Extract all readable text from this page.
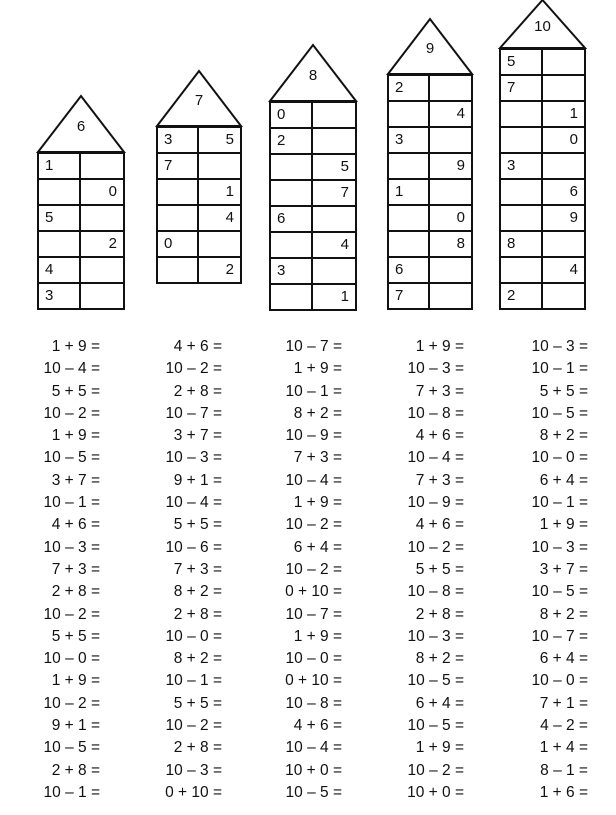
6
1
0
5
2
4
3
7
3	5
7
1
4
0
2
8
0
2
5
7
6
4
3
1
9
2
4
3
9
1
0
8
6
7
10
5
7
1
0
3
6
9
8
4
2
1 + 9 =
10 – 4 =
5 + 5 =
10 – 2 =
1 + 9 =
10 – 5 =
3 + 7 =
10 – 1 =
4 + 6 =
10 – 3 =
7 + 3 =
2 + 8 =
10 – 2 =
5 + 5 =
10 – 0 =
1 + 9 =
10 – 2 =
9 + 1 =
10 – 5 =
2 + 8 =
10 – 1 =
4 + 6 =
10 – 2 =
2 + 8 =
10 – 7 =
3 + 7 =
10 – 3 =
9 + 1 =
10 – 4 =
5 + 5 =
10 – 6 =
7 + 3 =
8 + 2 =
2 + 8 =
10 – 0 =
8 + 2 =
10 – 1 =
5 + 5 =
10 – 2 =
2 + 8 =
10 – 3 =
0 + 10 =
10 – 7 =
1 + 9 =
10 – 1 =
8 + 2 =
10 – 9 =
7 + 3 =
10 – 4 =
1 + 9 =
10 – 2 =
6 + 4 =
10 – 2 =
0 + 10 =
10 – 7 =
1 + 9 =
10 – 0 =
0 + 10 =
10 – 8 =
4 + 6 =
10 – 4 =
10 + 0 =
10 – 5 =
1 + 9 =
10 – 3 =
7 + 3 =
10 – 8 =
4 + 6 =
10 – 4 =
7 + 3 =
10 – 9 =
4 + 6 =
10 – 2 =
5 + 5 =
10 – 8 =
2 + 8 =
10 – 3 =
8 + 2 =
10 – 5 =
6 + 4 =
10 – 5 =
1 + 9 =
10 – 2 =
10 + 0 =
10 – 3 =
10 – 1 =
5 + 5 =
10 – 5 =
8 + 2 =
10 – 0 =
6 + 4 =
10 – 1 =
1 + 9 =
10 – 3 =
3 + 7 =
10 – 5 =
8 + 2 =
10 – 7 =
6 + 4 =
10 – 0 =
7 + 1 =
4 – 2 =
1 + 4 =
8 – 1 =
1 + 6 =
